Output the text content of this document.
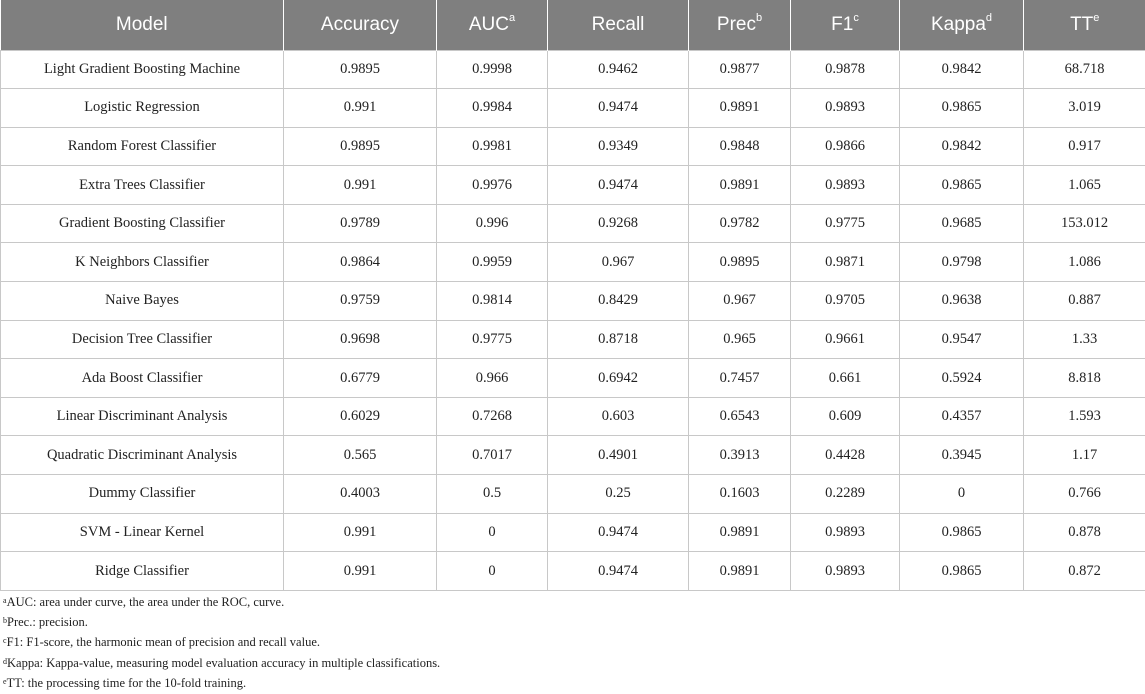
Model	Accuracy	AUC$^a$	Recall	Prec$^b$	F1$^c$	Kappa$^d$	$TT^e$
Light Gradient Boosting Machine	0.9895	0.9998	0.9462	0.9877	0.9878	0.9842	68.718
Logistic Regression	0.991	0.9984	0.9474	0.9891	0.9893	0.9865	3.019
Random Forest Classifier	0.9895	0.9981	0.9349	0.9848	0.9866	0.9842	0.917
Extra Trees Classifier	0.991	0.9976	0.9474	0.9891	0.9893	0.9865	1.065
Gradient Boosting Classifier	0.9789	0.996	0.9268	0.9782	0.9775	0.9685	153.012
K Neighbors Classifier	0.9864	0.9959	0.967	0.9895	0.9871	0.9798	1.086
Naive Bayes	0.9759	0.9814	0.8429	0.967	0.9705	0.9638	0.887
Decision Tree Classifier	0.9698	0.9775	0.8718	0.965	0.9661	0.9547	1.33
Ada Boost Classifier	0.6779	0.966	0.6942	0.7457	0.661	0.5924	8.818
Linear Discriminant Analysis	0.6029	0.7268	0.603	0.6543	0.609	0.4357	1.593
Quadratic Discriminant Analysis	0.565	0.7017	0.4901	0.3913	0.4428	0.3945	1.17
Dummy Classifier	0.4003	0.5	0.25	0.1603	0.2289	0	0.766
SVM - Linear Kernel	0.991	0	0.9474	0.9891	0.9893	0.9865	0.878
Ridge Classifier	0.991	0	0.9474	0.9891	0.9893	0.9865	0.872
$^a$AUC: area under curve, the area under the ROC, curve.
$^b$Prec.: precision.
$^c$F1: F1-score, the harmonic mean of precision and recall value.
$^d$Kappa: Kappa-value, measuring model evaluation accuracy in multiple classifications.
$^e$TT: the processing time for the 10-fold training.
